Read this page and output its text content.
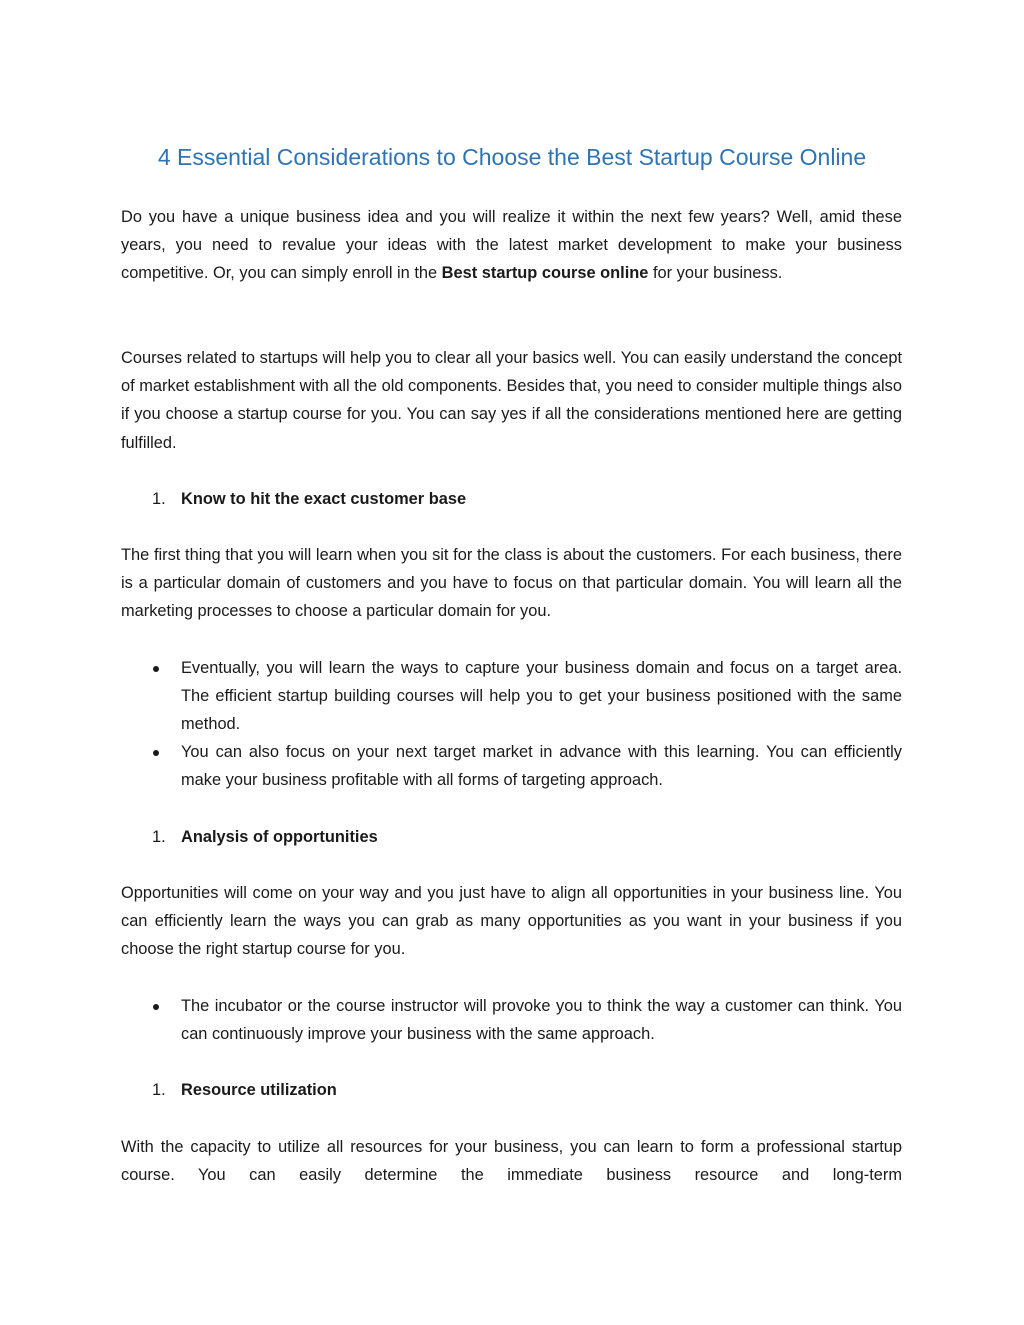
4 Essential Considerations to Choose the Best Startup Course Online

Do you have a unique business idea and you will realize it within the next few years? Well, amid these years, you need to revalue your ideas with the latest market development to make your business competitive. Or, you can simply enroll in the Best startup course online for your business.

Courses related to startups will help you to clear all your basics well. You can easily understand the concept of market establishment with all the old components. Besides that, you need to consider multiple things also if you choose a startup course for you. You can say yes if all the considerations mentioned here are getting fulfilled.

1. Know to hit the exact customer base

The first thing that you will learn when you sit for the class is about the customers. For each business, there is a particular domain of customers and you have to focus on that particular domain. You will learn all the marketing processes to choose a particular domain for you.

Eventually, you will learn the ways to capture your business domain and focus on a target area. The efficient startup building courses will help you to get your business positioned with the same method.

You can also focus on your next target market in advance with this learning. You can efficiently make your business profitable with all forms of targeting approach.

1. Analysis of opportunities

Opportunities will come on your way and you just have to align all opportunities in your business line. You can efficiently learn the ways you can grab as many opportunities as you want in your business if you choose the right startup course for you.

The incubator or the course instructor will provoke you to think the way a customer can think. You can continuously improve your business with the same approach.

1. Resource utilization

With the capacity to utilize all resources for your business, you can learn to form a professional startup course. You can easily determine the immediate business resource and long-term
